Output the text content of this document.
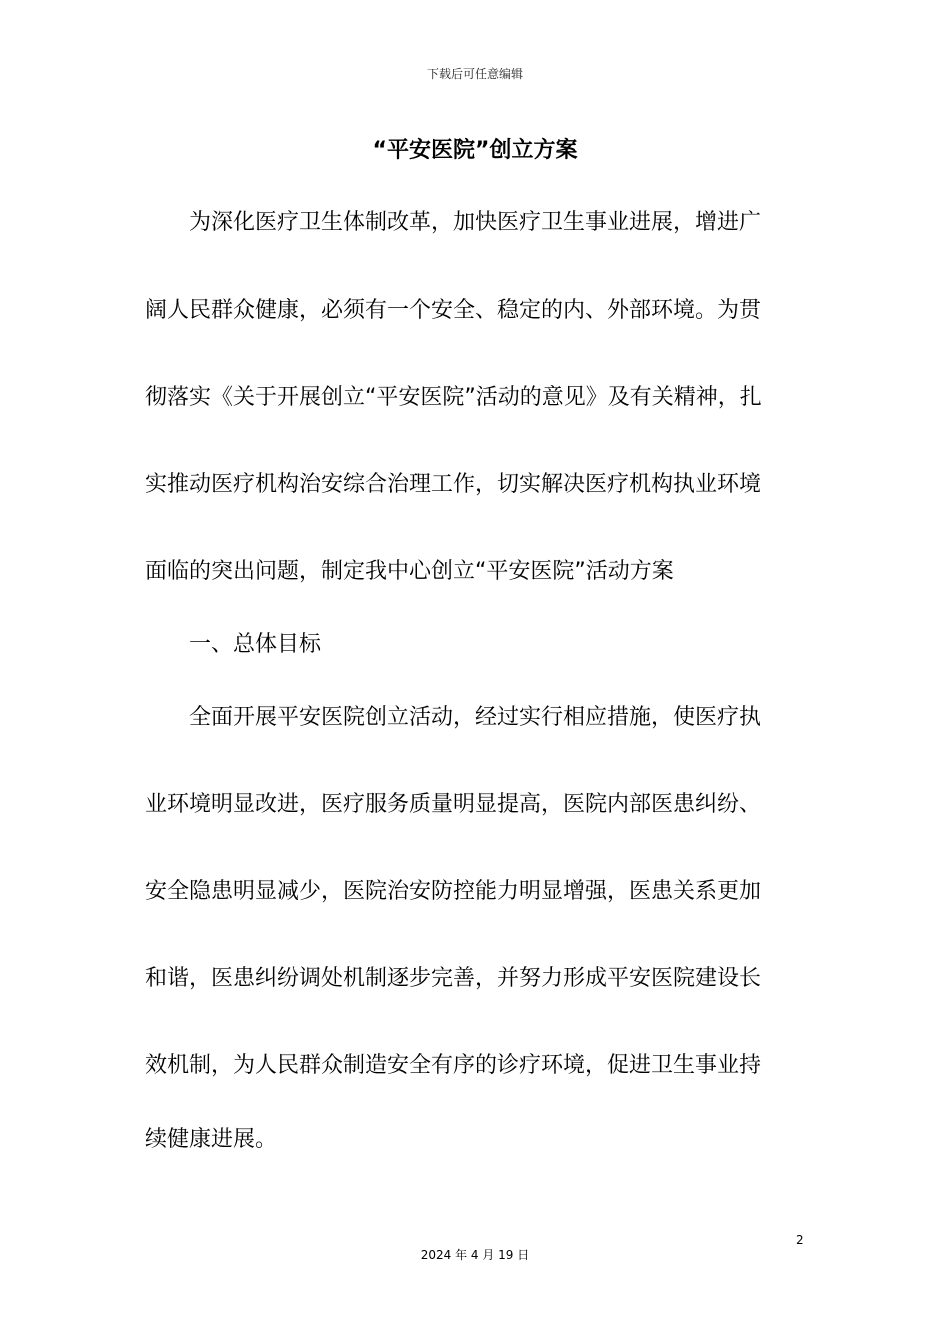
下载后可任意编辑
“平安医院”创立方案
　　为深化医疗卫生体制改革，加快医疗卫生事业进展，增进广
阔人民群众健康，必须有一个安全、稳定的内、外部环境。为贯
彻落实《关于开展创立“平安医院”活动的意见》及有关精神，扎
实推动医疗机构治安综合治理工作，切实解决医疗机构执业环境
面临的突出问题，制定我中心创立“平安医院”活动方案
　　一、总体目标
　　全面开展平安医院创立活动，经过实行相应措施，使医疗执
业环境明显改进，医疗服务质量明显提高，医院内部医患纠纷、
安全隐患明显减少，医院治安防控能力明显增强，医患关系更加
和谐，医患纠纷调处机制逐步完善，并努力形成平安医院建设长
效机制，为人民群众制造安全有序的诊疗环境，促进卫生事业持
续健康进展。
2
2024 年 4 月 19 日
